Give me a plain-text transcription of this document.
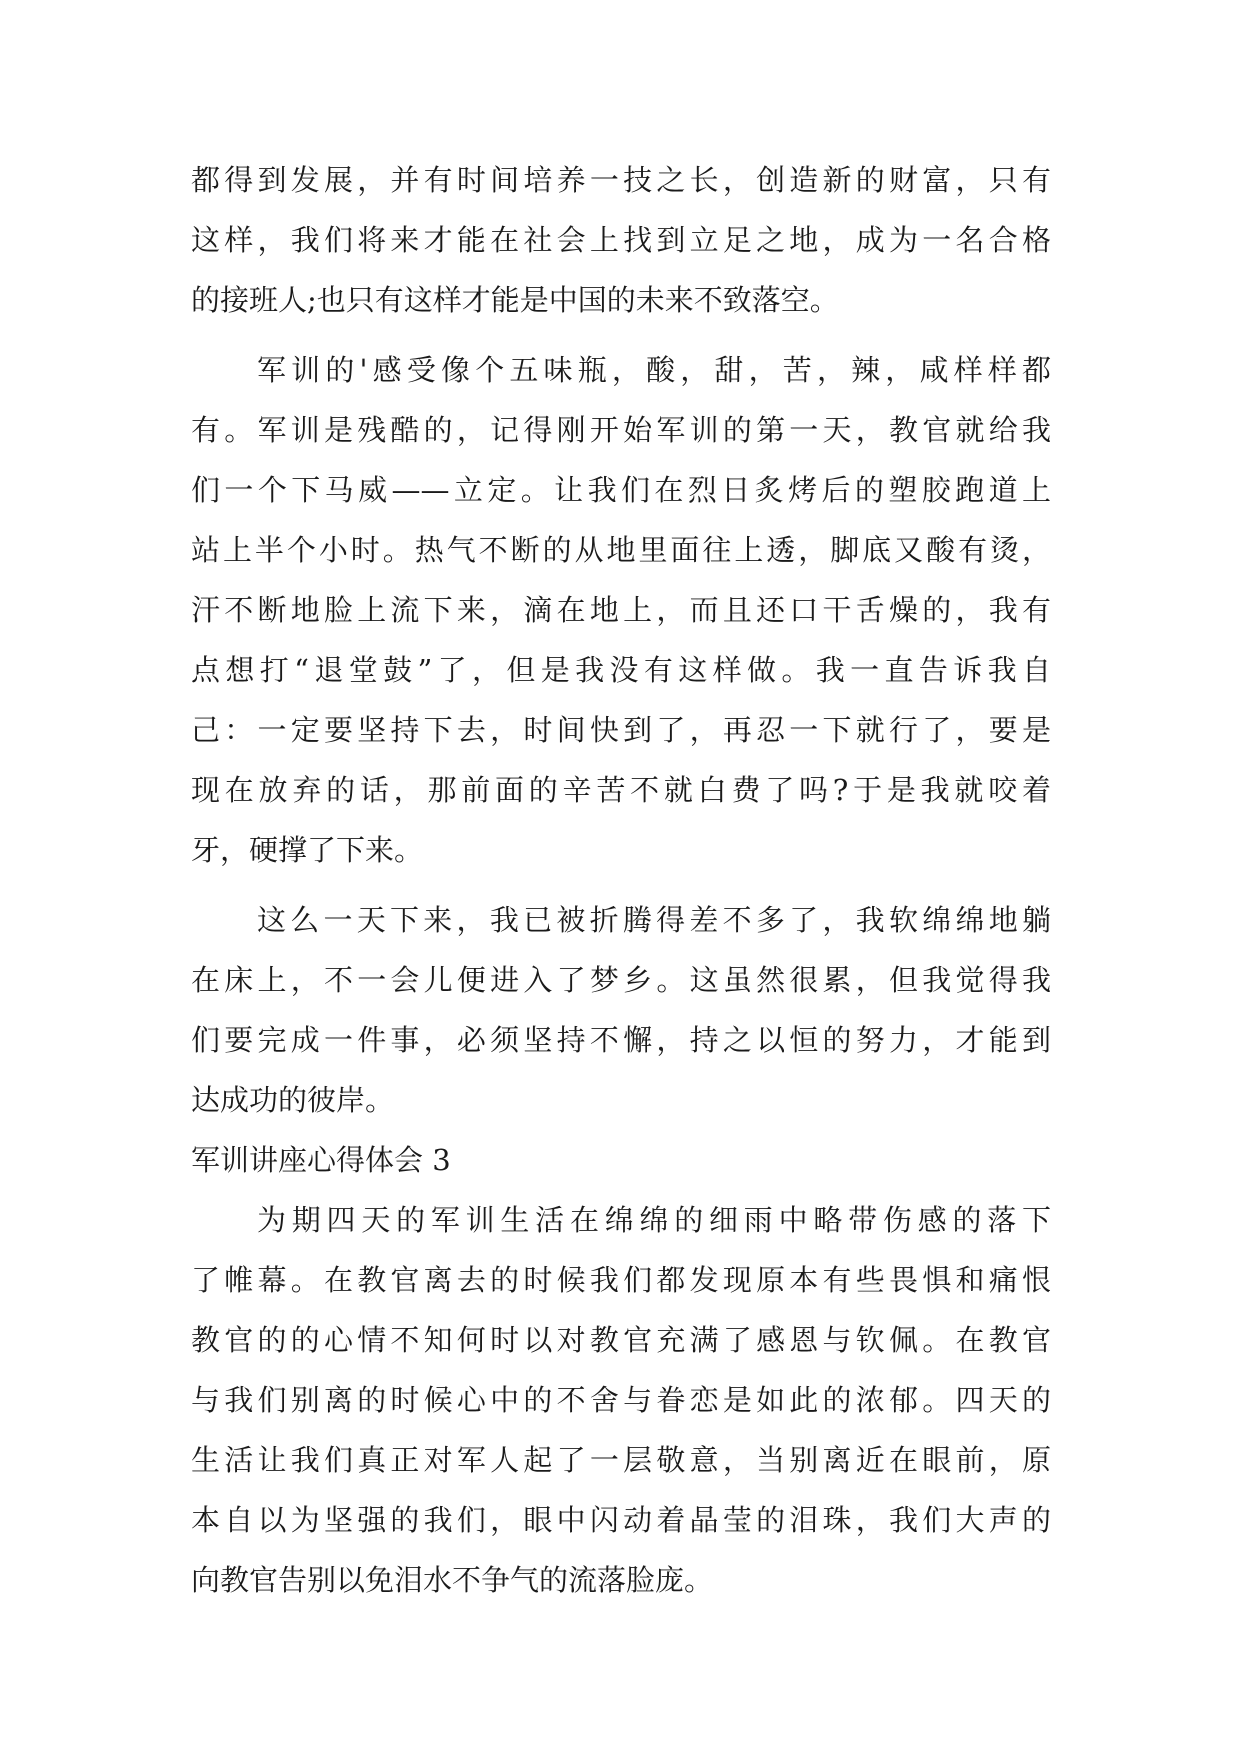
都得到发展，并有时间培养一技之长，创造新的财富，只有
这样，我们将来才能在社会上找到立足之地，成为一名合格
的接班人;也只有这样才能是中国的未来不致落空。
军训的'感受像个五味瓶，酸，甜，苦，辣，咸样样都
有。军训是残酷的，记得刚开始军训的第一天，教官就给我
们一个下马威——立定。让我们在烈日炙烤后的塑胶跑道上
站上半个小时。热气不断的从地里面往上透，脚底又酸有烫，
汗不断地脸上流下来，滴在地上，而且还口干舌燥的，我有
点想打“退堂鼓”了，但是我没有这样做。我一直告诉我自
己：一定要坚持下去，时间快到了，再忍一下就行了，要是
现在放弃的话，那前面的辛苦不就白费了吗?于是我就咬着
牙，硬撑了下来。
这么一天下来，我已被折腾得差不多了，我软绵绵地躺
在床上，不一会儿便进入了梦乡。这虽然很累，但我觉得我
们要完成一件事，必须坚持不懈，持之以恒的努力，才能到
达成功的彼岸。
军训讲座心得体会 3
为期四天的军训生活在绵绵的细雨中略带伤感的落下
了帷幕。在教官离去的时候我们都发现原本有些畏惧和痛恨
教官的的心情不知何时以对教官充满了感恩与钦佩。在教官
与我们别离的时候心中的不舍与眷恋是如此的浓郁。四天的
生活让我们真正对军人起了一层敬意，当别离近在眼前，原
本自以为坚强的我们，眼中闪动着晶莹的泪珠，我们大声的
向教官告别以免泪水不争气的流落脸庞。
